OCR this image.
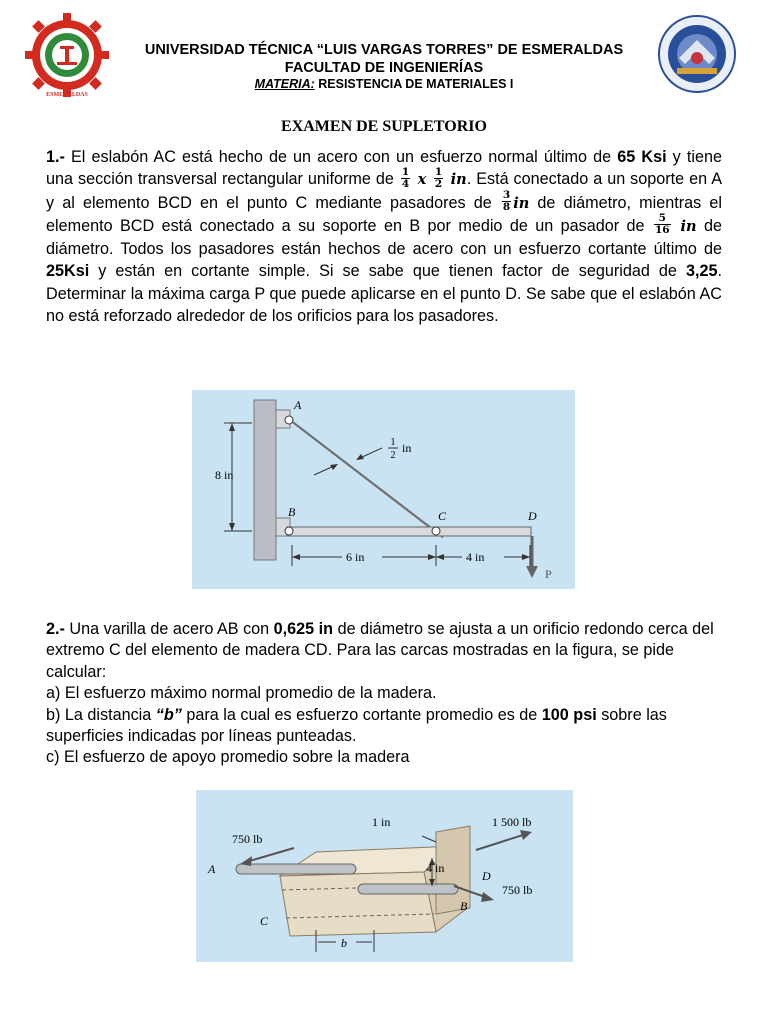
ESMERALDAS
UNIVERSIDAD TÉCNICA “LUIS VARGAS TORRES” DE ESMERALDAS
FACULTAD DE INGENIERÍAS
MATERIA: RESISTENCIA DE MATERIALES I
EXAMEN DE SUPLETORIO
1.- El eslabón AC está hecho de un acero con un esfuerzo normal último de 65 Ksi y tiene una sección transversal rectangular uniforme de $\frac{1}{4}$ x $\frac{1}{2}$ in. Está conectado a un soporte en A y al elemento BCD en el punto C mediante pasadores de $\frac{3}{8}$ in de diámetro, mientras el elemento BCD está conectado a su soporte en B por medio de un pasador de $\frac{5}{16}$ in de diámetro. Todos los pasadores están hechos de acero con un esfuerzo cortante último de 25Ksi y están en cortante simple. Si se sabe que tienen factor de seguridad de 3,25. Determinar la máxima carga P que puede aplicarse en el punto D. Se sabe que el eslabón AC no está reforzado alrededor de los orificios para los pasadores.
A
B	C	D
P
8 in
6 in	4 in
1
2
in
2.- Una varilla de acero AB con 0,625 in de diámetro se ajusta a un orificio redondo cerca del extremo C del elemento de madera CD. Para las carcas mostradas en la figura, se pide calcular:
a) El esfuerzo máximo normal promedio de la madera.
b) La distancia “b” para la cual es esfuerzo cortante promedio es de 100 psi sobre las superficies indicadas por líneas punteadas.
c) El esfuerzo de apoyo promedio sobre la madera
750 lb
1 500 lb
750 lb
1 in
4 in
A
B
C
D
b
